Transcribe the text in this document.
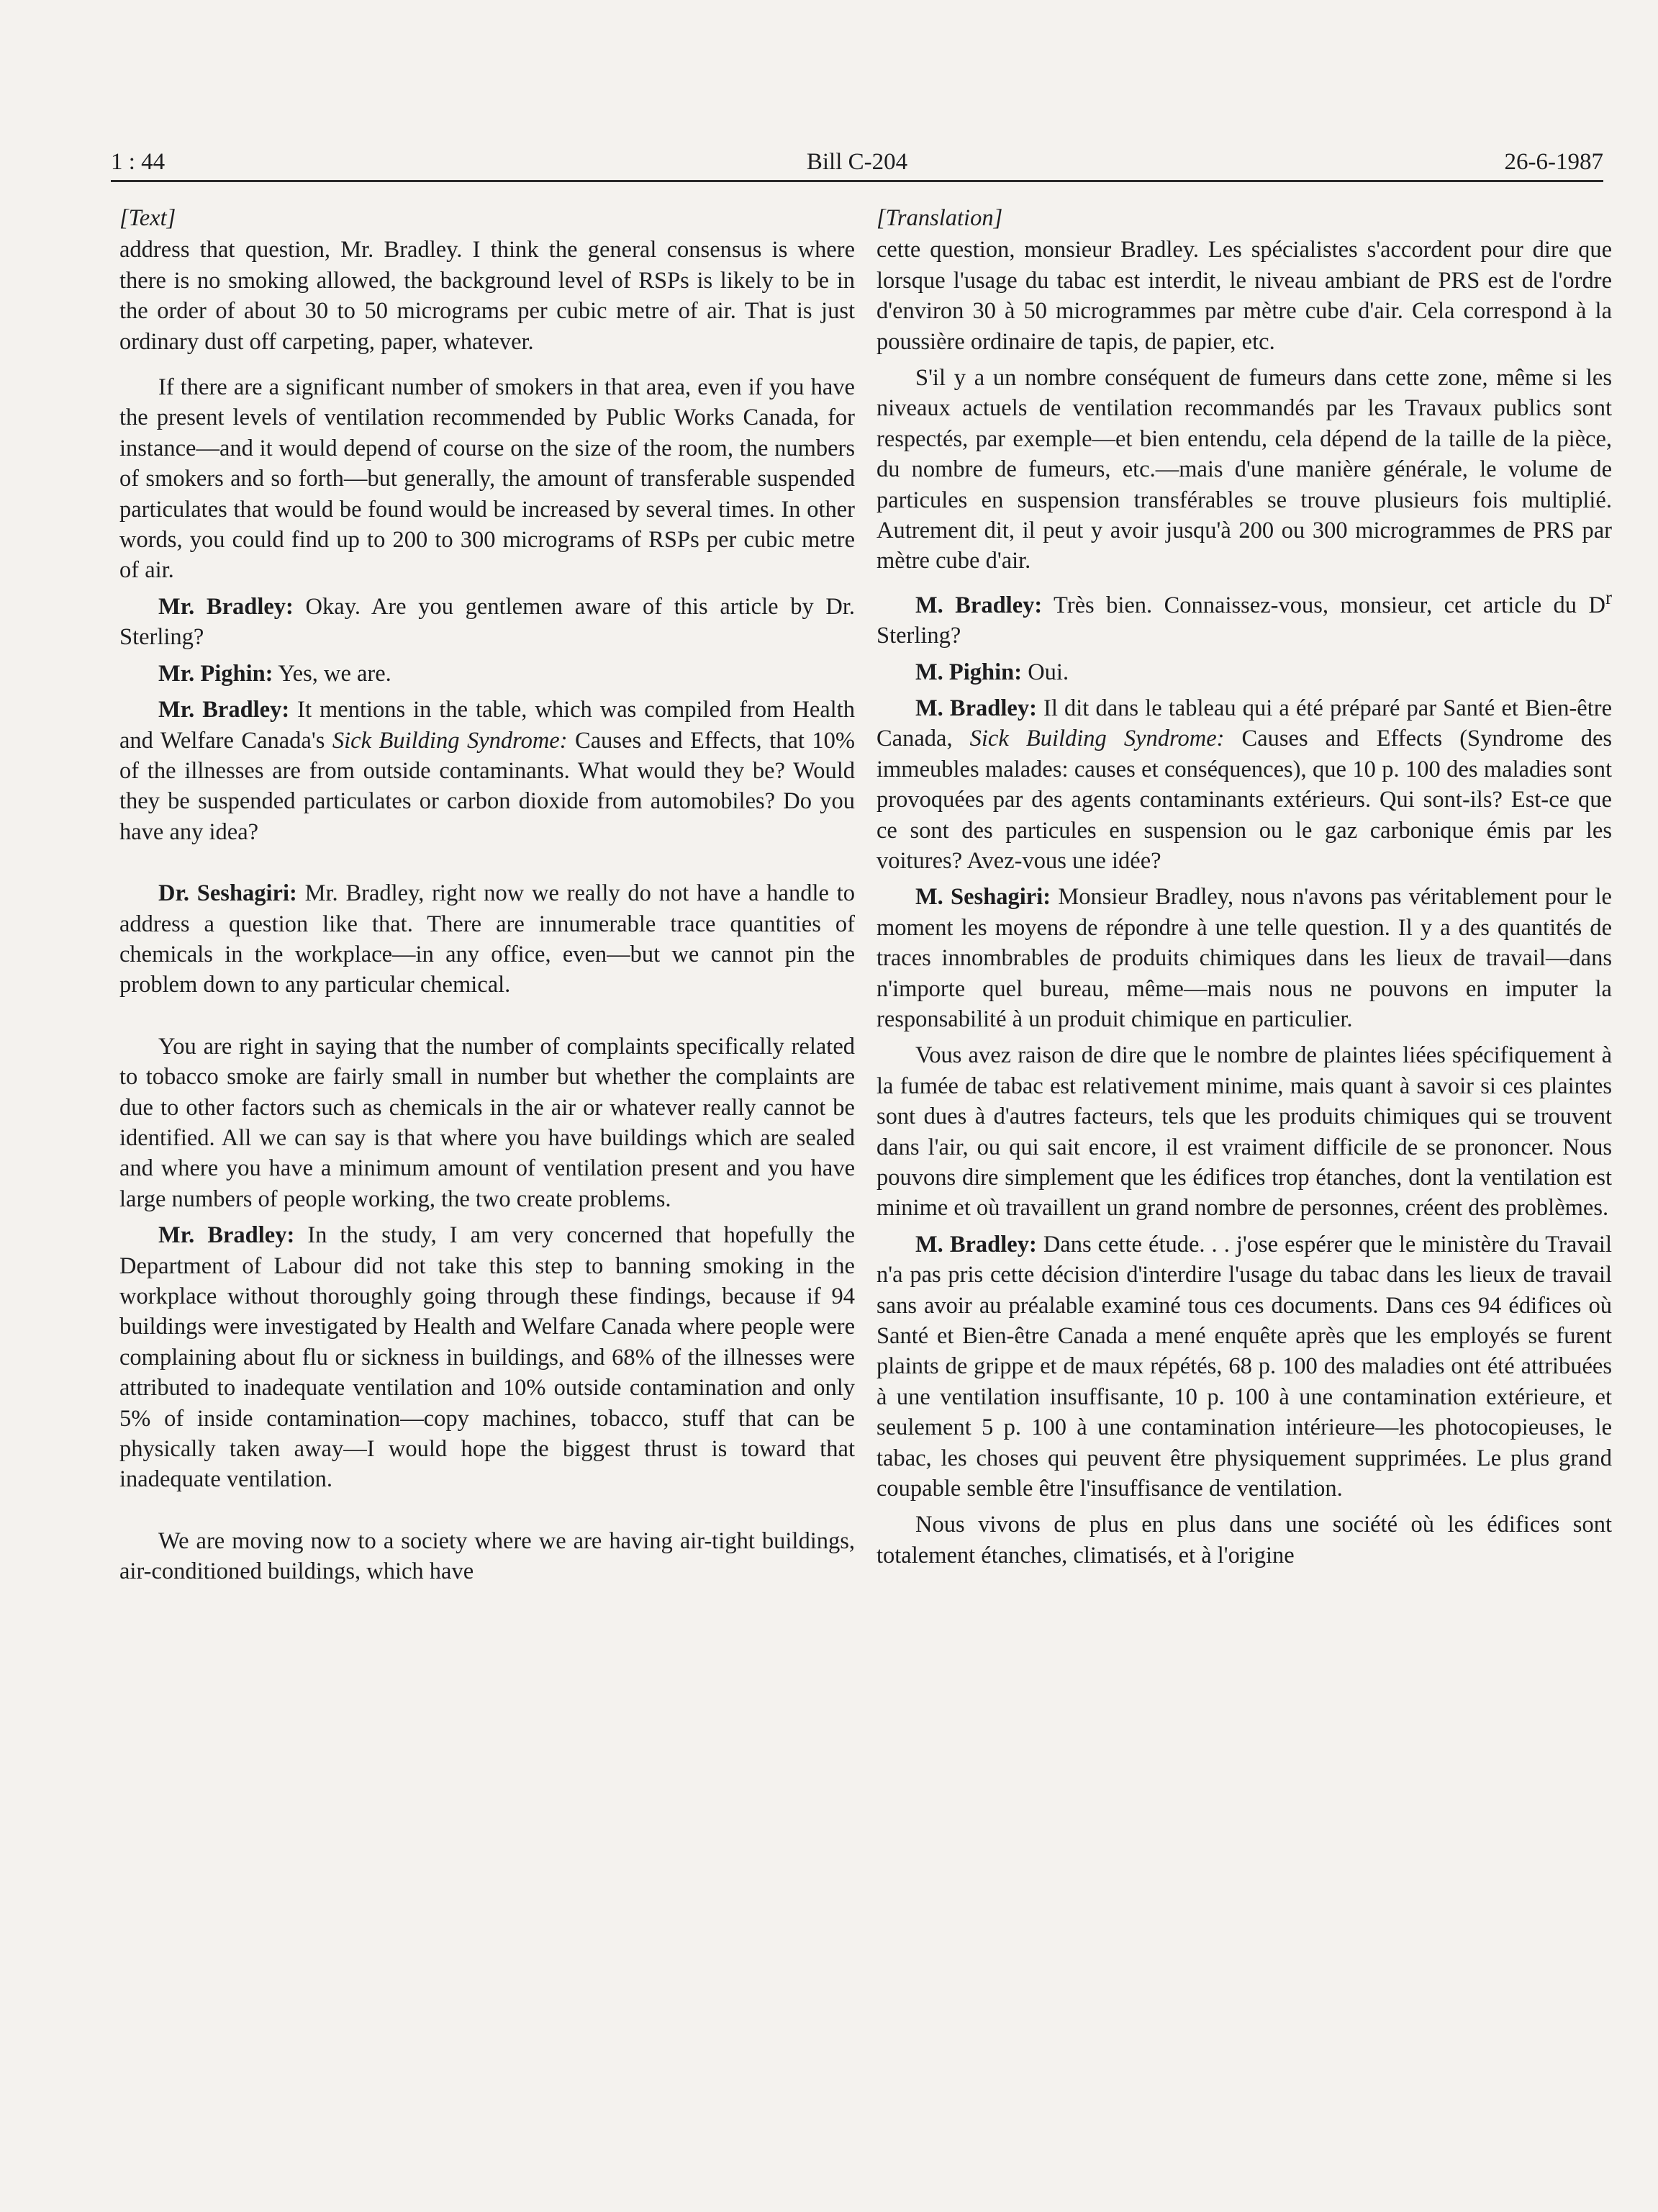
1 : 44	Bill C-204	26-6-1987
[Text]

address that question, Mr. Bradley. I think the general consensus is where there is no smoking allowed, the background level of RSPs is likely to be in the order of about 30 to 50 micrograms per cubic metre of air. That is just ordinary dust off carpeting, paper, whatever.

If there are a significant number of smokers in that area, even if you have the present levels of ventilation recommended by Public Works Canada, for instance—and it would depend of course on the size of the room, the numbers of smokers and so forth—but generally, the amount of transferable suspended particulates that would be found would be increased by several times. In other words, you could find up to 200 to 300 micrograms of RSPs per cubic metre of air.

Mr. Bradley: Okay. Are you gentlemen aware of this article by Dr. Sterling?

Mr. Pighin: Yes, we are.

Mr. Bradley: It mentions in the table, which was compiled from Health and Welfare Canada's Sick Building Syndrome: Causes and Effects, that 10% of the illnesses are from outside contaminants. What would they be? Would they be suspended particulates or carbon dioxide from automobiles? Do you have any idea?

Dr. Seshagiri: Mr. Bradley, right now we really do not have a handle to address a question like that. There are innumerable trace quantities of chemicals in the workplace—in any office, even—but we cannot pin the problem down to any particular chemical.

You are right in saying that the number of complaints specifically related to tobacco smoke are fairly small in number but whether the complaints are due to other factors such as chemicals in the air or whatever really cannot be identified. All we can say is that where you have buildings which are sealed and where you have a minimum amount of ventilation present and you have large numbers of people working, the two create problems.

Mr. Bradley: In the study, I am very concerned that hopefully the Department of Labour did not take this step to banning smoking in the workplace without thoroughly going through these findings, because if 94 buildings were investigated by Health and Welfare Canada where people were complaining about flu or sickness in buildings, and 68% of the illnesses were attributed to inadequate ventilation and 10% outside contamination and only 5% of inside contamination—copy machines, tobacco, stuff that can be physically taken away—I would hope the biggest thrust is toward that inadequate ventilation.

We are moving now to a society where we are having air-tight buildings, air-conditioned buildings, which have

[Translation]

cette question, monsieur Bradley. Les spécialistes s'accordent pour dire que lorsque l'usage du tabac est interdit, le niveau ambiant de PRS est de l'ordre d'environ 30 à 50 microgrammes par mètre cube d'air. Cela correspond à la poussière ordinaire de tapis, de papier, etc.

S'il y a un nombre conséquent de fumeurs dans cette zone, même si les niveaux actuels de ventilation recommandés par les Travaux publics sont respectés, par exemple—et bien entendu, cela dépend de la taille de la pièce, du nombre de fumeurs, etc.—mais d'une manière générale, le volume de particules en suspension transférables se trouve plusieurs fois multiplié. Autrement dit, il peut y avoir jusqu'à 200 ou 300 microgrammes de PRS par mètre cube d'air.

M. Bradley: Très bien. Connaissez-vous, monsieur, cet article du $D^r$ Sterling?

M. Pighin: Oui.

M. Bradley: Il dit dans le tableau qui a été préparé par Santé et Bien-être Canada, Sick Building Syndrome: Causes and Effects (Syndrome des immeubles malades: causes et conséquences), que 10 p. 100 des maladies sont provoquées par des agents contaminants extérieurs. Qui sont-ils? Est-ce que ce sont des particules en suspension ou le gaz carbonique émis par les voitures? Avez-vous une idée?

M. Seshagiri: Monsieur Bradley, nous n'avons pas véritablement pour le moment les moyens de répondre à une telle question. Il y a des quantités de traces innombrables de produits chimiques dans les lieux de travail—dans n'importe quel bureau, même—mais nous ne pouvons en imputer la responsabilité à un produit chimique en particulier.

Vous avez raison de dire que le nombre de plaintes liées spécifiquement à la fumée de tabac est relativement minime, mais quant à savoir si ces plaintes sont dues à d'autres facteurs, tels que les produits chimiques qui se trouvent dans l'air, ou qui sait encore, il est vraiment difficile de se prononcer. Nous pouvons dire simplement que les édifices trop étanches, dont la ventilation est minime et où travaillent un grand nombre de personnes, créent des problèmes.

M. Bradley: Dans cette étude. . . j'ose espérer que le ministère du Travail n'a pas pris cette décision d'interdire l'usage du tabac dans les lieux de travail sans avoir au préalable examiné tous ces documents. Dans ces 94 édifices où Santé et Bien-être Canada a mené enquête après que les employés se furent plaints de grippe et de maux répétés, 68 p. 100 des maladies ont été attribuées à une ventilation insuffisante, 10 p. 100 à une contamination extérieure, et seulement 5 p. 100 à une contamination intérieure—les photocopieuses, le tabac, les choses qui peuvent être physiquement supprimées. Le plus grand coupable semble être l'insuffisance de ventilation.

Nous vivons de plus en plus dans une société où les édifices sont totalement étanches, climatisés, et à l'origine
